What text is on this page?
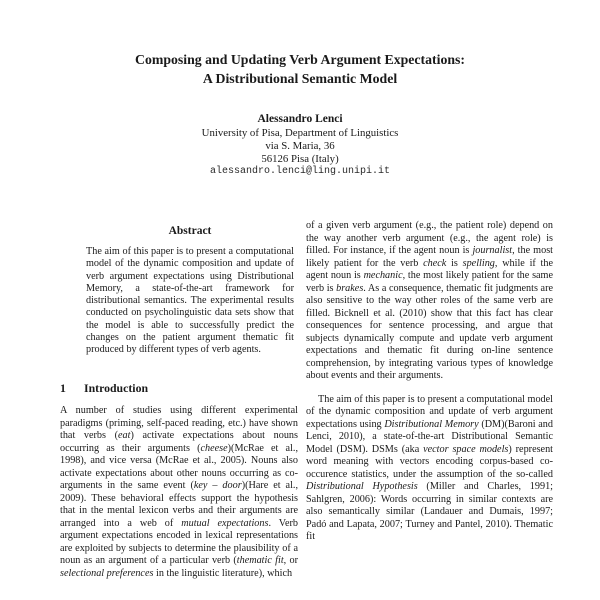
Composing and Updating Verb Argument Expectations:
A Distributional Semantic Model
Alessandro Lenci
University of Pisa, Department of Linguistics
via S. Maria, 36
56126 Pisa (Italy)
alessandro.lenci@ling.unipi.it
Abstract
The aim of this paper is to present a computational model of the dynamic composition and update of verb argument expectations using Distributional Memory, a state-of-the-art framework for distributional semantics. The experimental results conducted on psycholinguistic data sets show that the model is able to successfully predict the changes on the patient argument thematic fit produced by different types of verb agents.
1 Introduction
A number of studies using different experimental paradigms (priming, self-paced reading, etc.) have shown that verbs (eat) activate expectations about nouns occurring as their arguments (cheese)(McRae et al., 1998), and vice versa (McRae et al., 2005). Nouns also activate expectations about other nouns occurring as co-arguments in the same event (key – door)(Hare et al., 2009). These behavioral effects support the hypothesis that in the mental lexicon verbs and their arguments are arranged into a web of mutual expectations. Verb argument expectations encoded in lexical representations are exploited by subjects to determine the plausibility of a noun as an argument of a particular verb (thematic fit, or selectional preferences in the linguistic literature), which

of a given verb argument (e.g., the patient role) depend on the way another verb argument (e.g., the agent role) is filled. For instance, if the agent noun is journalist, the most likely patient for the verb check is spelling, while if the agent noun is mechanic, the most likely patient for the same verb is brakes. As a consequence, thematic fit judgments are also sensitive to the way other roles of the same verb are filled. Bicknell et al. (2010) show that this fact has clear consequences for sentence processing, and argue that subjects dynamically compute and update verb argument expectations and thematic fit during on-line sentence comprehension, by integrating various types of knowledge about events and their arguments.

The aim of this paper is to present a computational model of the dynamic composition and update of verb argument expectations using Distributional Memory (DM)(Baroni and Lenci, 2010), a state-of-the-art Distributional Semantic Model (DSM). DSMs (aka vector space models) represent word meaning with vectors encoding corpus-based co-occurence statistics, under the assumption of the so-called Distributional Hypothesis (Miller and Charles, 1991; Sahlgren, 2006): Words occurring in similar contexts are also semantically similar (Landauer and Dumais, 1997; Padó and Lapata, 2007; Turney and Pantel, 2010). Thematic fit
